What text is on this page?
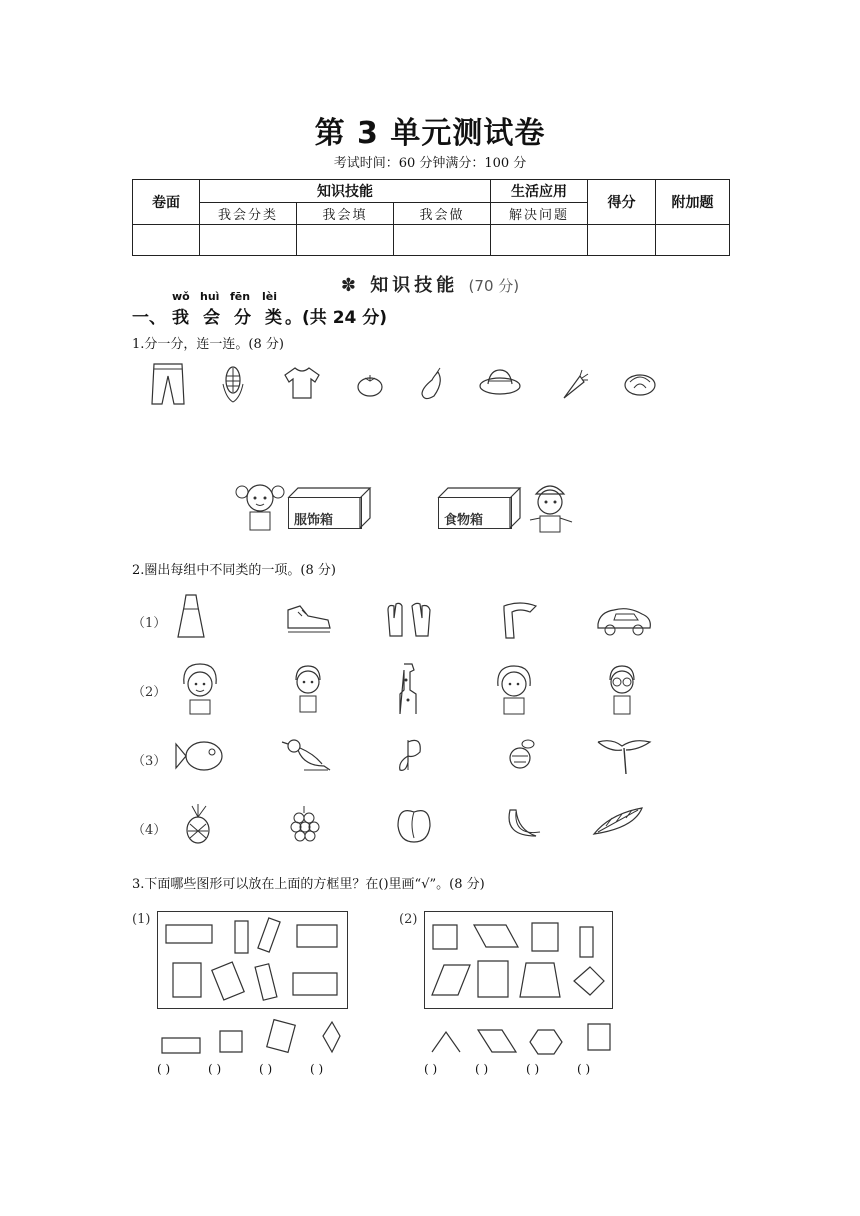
第 3 单元测试卷
考试时间：60 分钟满分：100 分
卷面	知识技能			生活应用	得分	附加题
	我会分类	我会填	我会做	解决问题		

✽ 知识技能 (70 分)
wǒ huì fēn lèi
一、 我 会 分 类 。(共 24 分)
1.分一分，连一连。(8 分)
服饰箱	食物箱
2.圈出每组中不同类的一项。(8 分)
（1）
（2）
（3）
（4）
3.下面哪些图形可以放在上面的方框里？在()里画“√”。(8 分)
(1)
( )	( )	( )	( )
(2)
( )	( )	( )	( )
